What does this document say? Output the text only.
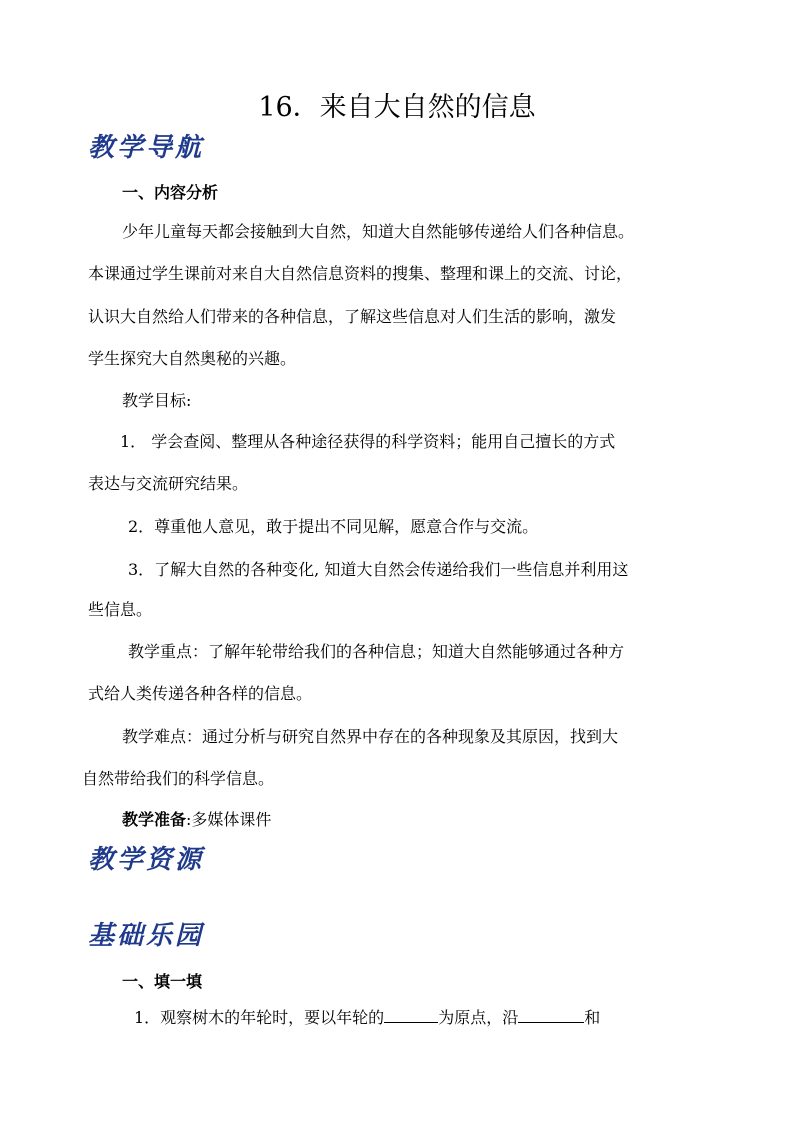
16．来自大自然的信息
教学导航
一、内容分析
少年儿童每天都会接触到大自然，知道大自然能够传递给人们各种信息。
本课通过学生课前对来自大自然信息资料的搜集、整理和课上的交流、讨论，
认识大自然给人们带来的各种信息，了解这些信息对人们生活的影响，激发
学生探究大自然奥秘的兴趣。
教学目标:
1． 学会查阅、整理从各种途径获得的科学资料；能用自己擅长的方式
表达与交流研究结果。
2．尊重他人意见，敢于提出不同见解，愿意合作与交流。
3．了解大自然的各种变化, 知道大自然会传递给我们一些信息并利用这
些信息。
教学重点：了解年轮带给我们的各种信息；知道大自然能够通过各种方
式给人类传递各种各样的信息。
教学难点：通过分析与研究自然界中存在的各种现象及其原因，找到大
自然带给我们的科学信息。
教学准备:多媒体课件
教学资源
基础乐园
一、填一填
1．观察树木的年轮时，要以年轮的	为原点，沿	和
